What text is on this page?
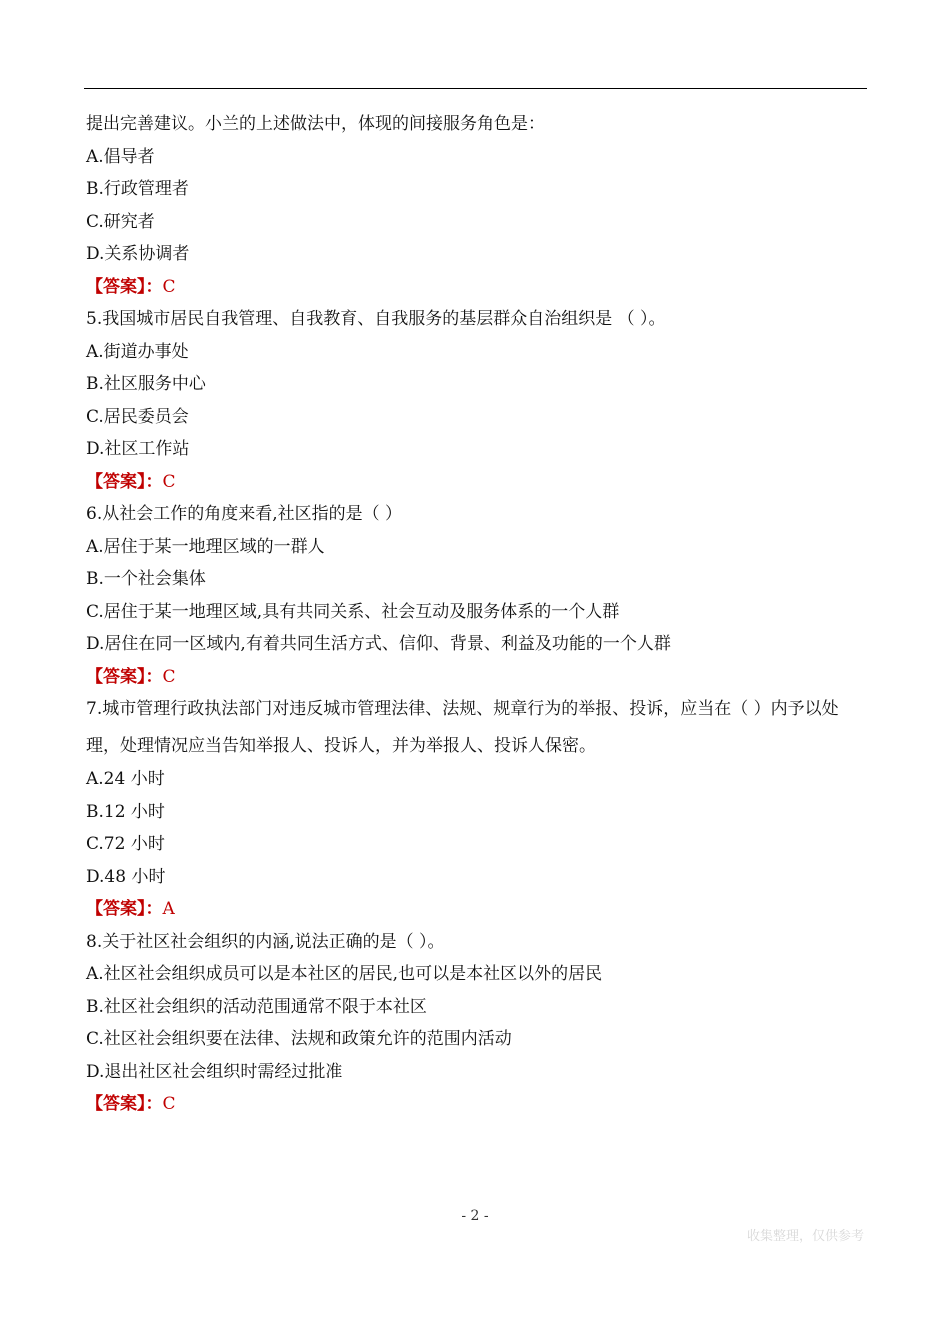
提出完善建议。小兰的上述做法中，体现的间接服务角色是：
A.倡导者
B.行政管理者
C.研究者
D.关系协调者
【答案】：C
5.我国城市居民自我管理、自我教育、自我服务的基层群众自治组织是 （ ）。
A.街道办事处
B.社区服务中心
C.居民委员会
D.社区工作站
【答案】：C
6.从社会工作的角度来看,社区指的是（ ）
A.居住于某一地理区域的一群人
B.一个社会集体
C.居住于某一地理区域,具有共同关系、社会互动及服务体系的一个人群
D.居住在同一区域内,有着共同生活方式、信仰、背景、利益及功能的一个人群
【答案】：C
7.城市管理行政执法部门对违反城市管理法律、法规、规章行为的举报、投诉，应当在（ ）内予以处理，处理情况应当告知举报人、投诉人，并为举报人、投诉人保密。
A.24 小时
B.12 小时
C.72 小时
D.48 小时
【答案】：A
8.关于社区社会组织的内涵,说法正确的是（ ）。
A.社区社会组织成员可以是本社区的居民,也可以是本社区以外的居民
B.社区社会组织的活动范围通常不限于本社区
C.社区社会组织要在法律、法规和政策允许的范围内活动
D.退出社区社会组织时需经过批准
【答案】：C
- 2 -
收集整理，仅供参考
